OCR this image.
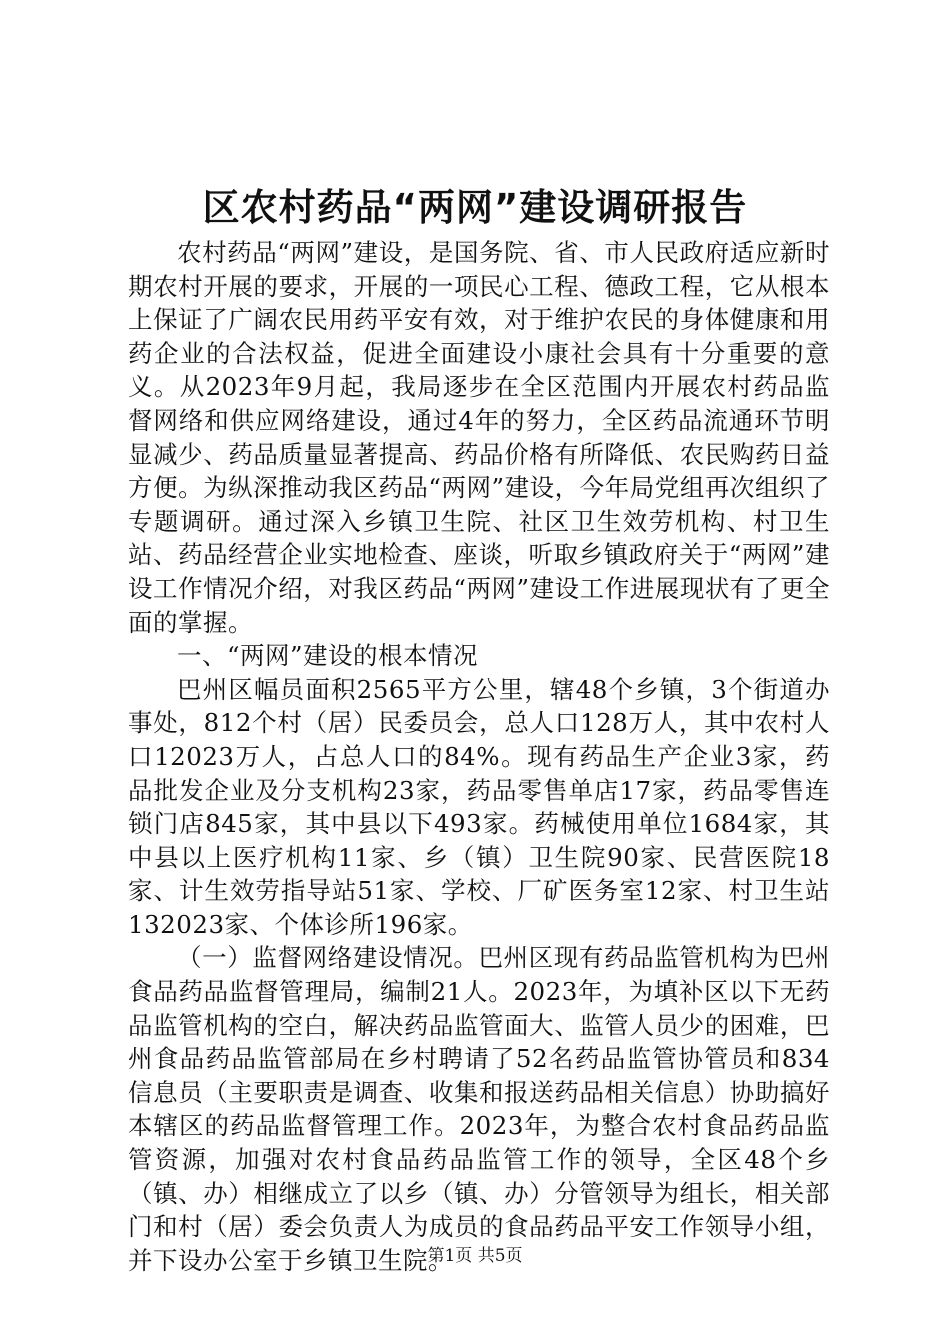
区农村药品“两网”建设调研报告

农村药品“两网”建设，是国务院、省、市人民政府适应新时期农村开展的要求，开展的一项民心工程、德政工程，它从根本上保证了广阔农民用药平安有效，对于维护农民的身体健康和用药企业的合法权益，促进全面建设小康社会具有十分重要的意义。从2023年9月起，我局逐步在全区范围内开展农村药品监督网络和供应网络建设，通过4年的努力，全区药品流通环节明显减少、药品质量显著提高、药品价格有所降低、农民购药日益方便。为纵深推动我区药品“两网”建设，今年局党组再次组织了专题调研。通过深入乡镇卫生院、社区卫生效劳机构、村卫生站、药品经营企业实地检查、座谈，听取乡镇政府关于“两网”建设工作情况介绍，对我区药品“两网”建设工作进展现状有了更全面的掌握。

一、“两网”建设的根本情况

巴州区幅员面积2565平方公里，辖48个乡镇，3个街道办事处，812个村（居）民委员会，总人口128万人，其中农村人口12023万人，占总人口的84%。现有药品生产企业3家，药品批发企业及分支机构23家，药品零售单店17家，药品零售连锁门店845家，其中县以下493家。药械使用单位1684家，其中县以上医疗机构11家、乡（镇）卫生院90家、民营医院18家、计生效劳指导站51家、学校、厂矿医务室12家、村卫生站132023家、个体诊所196家。

（一）监督网络建设情况。巴州区现有药品监管机构为巴州食品药品监督管理局，编制21人。2023年，为填补区以下无药品监管机构的空白，解决药品监管面大、监管人员少的困难，巴州食品药品监管部局在乡村聘请了52名药品监管协管员和834信息员（主要职责是调查、收集和报送药品相关信息）协助搞好本辖区的药品监督管理工作。2023年，为整合农村食品药品监管资源，加强对农村食品药品监管工作的领导，全区48个乡（镇、办）相继成立了以乡（镇、办）分管领导为组长，相关部门和村（居）委会负责人为成员的食品药品平安工作领导小组，并下设办公室于乡镇卫生院。

第1页 共5页
